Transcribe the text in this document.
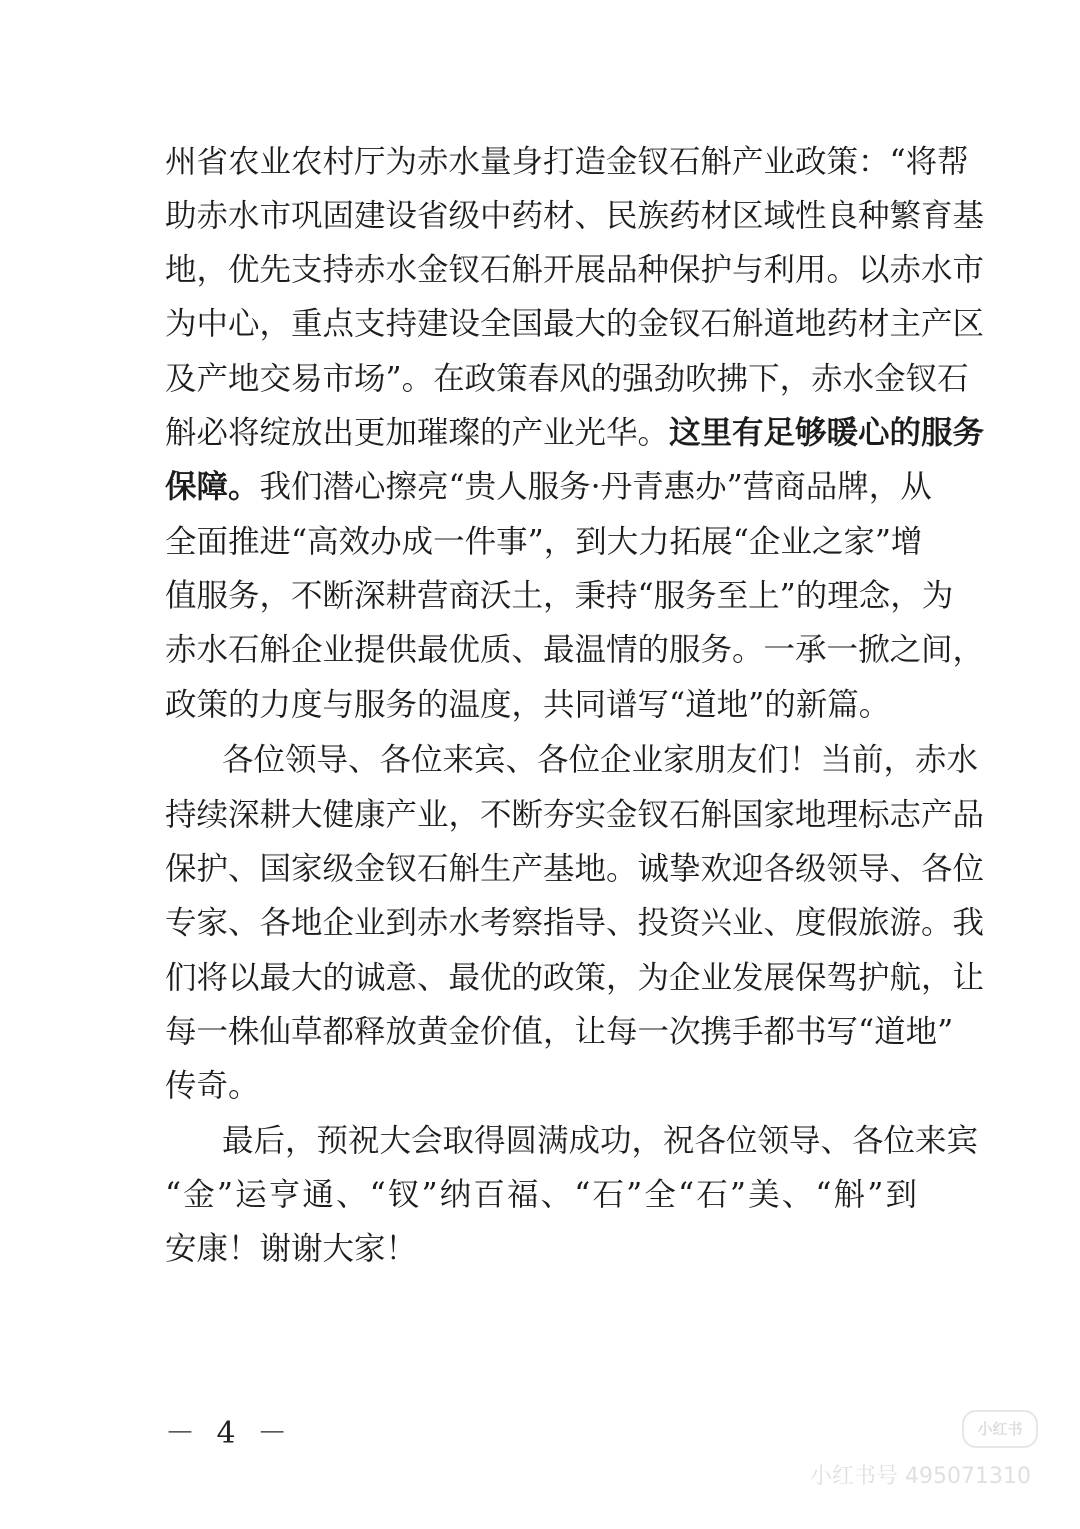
州省农业农村厅为赤水量身打造金钗石斛产业政策：“将帮
助赤水市巩固建设省级中药材、民族药材区域性良种繁育基
地，优先支持赤水金钗石斛开展品种保护与利用。以赤水市
为中心，重点支持建设全国最大的金钗石斛道地药材主产区
及产地交易市场”。在政策春风的强劲吹拂下，赤水金钗石
斛必将绽放出更加璀璨的产业光华。这里有足够暖心的服务
保障。我们潜心擦亮“贵人服务·丹青惠办”营商品牌，从
全面推进“高效办成一件事”，到大力拓展“企业之家”增
值服务，不断深耕营商沃土，秉持“服务至上”的理念，为
赤水石斛企业提供最优质、最温情的服务。一承一掀之间，
政策的力度与服务的温度，共同谱写“道地”的新篇。
各位领导、各位来宾、各位企业家朋友们！当前，赤水
持续深耕大健康产业，不断夯实金钗石斛国家地理标志产品
保护、国家级金钗石斛生产基地。诚挚欢迎各级领导、各位
专家、各地企业到赤水考察指导、投资兴业、度假旅游。我
们将以最大的诚意、最优的政策，为企业发展保驾护航，让
每一株仙草都释放黄金价值，让每一次携手都书写“道地”
传奇。
最后，预祝大会取得圆满成功，祝各位领导、各位来宾
“金”运亨通、“钗”纳百福、“石”全“石”美、“斛”到
安康！谢谢大家！
－ 4 －	小红书
小红书号 495071310
